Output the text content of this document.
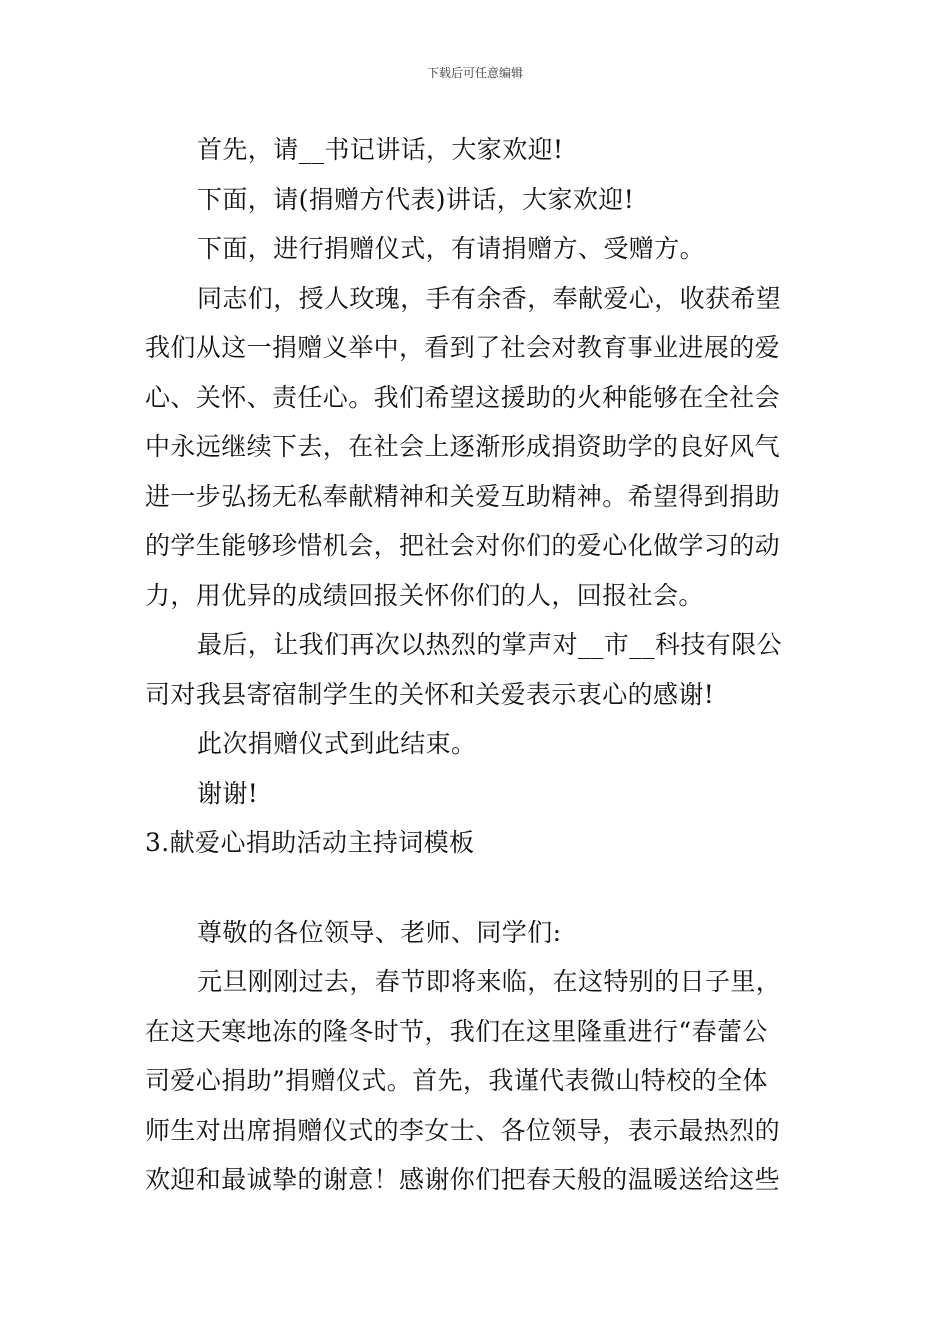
下载后可任意编辑
首先，请__书记讲话，大家欢迎!
下面，请(捐赠方代表)讲话，大家欢迎!
下面，进行捐赠仪式，有请捐赠方、受赠方。
同志们，授人玫瑰，手有余香，奉献爱心，收获希望
我们从这一捐赠义举中，看到了社会对教育事业进展的爱
心、关怀、责任心。我们希望这援助的火种能够在全社会
中永远继续下去，在社会上逐渐形成捐资助学的良好风气
进一步弘扬无私奉献精神和关爱互助精神。希望得到捐助
的学生能够珍惜机会，把社会对你们的爱心化做学习的动
力，用优异的成绩回报关怀你们的人，回报社会。
最后，让我们再次以热烈的掌声对__市__科技有限公
司对我县寄宿制学生的关怀和关爱表示衷心的感谢!
此次捐赠仪式到此结束。
谢谢!
3.献爱心捐助活动主持词模板
尊敬的各位领导、老师、同学们:
元旦刚刚过去，春节即将来临，在这特别的日子里，
在这天寒地冻的隆冬时节，我们在这里隆重进行“春蕾公
司爱心捐助”捐赠仪式。首先，我谨代表微山特校的全体
师生对出席捐赠仪式的李女士、各位领导，表示最热烈的
欢迎和最诚挚的谢意！感谢你们把春天般的温暖送给这些
